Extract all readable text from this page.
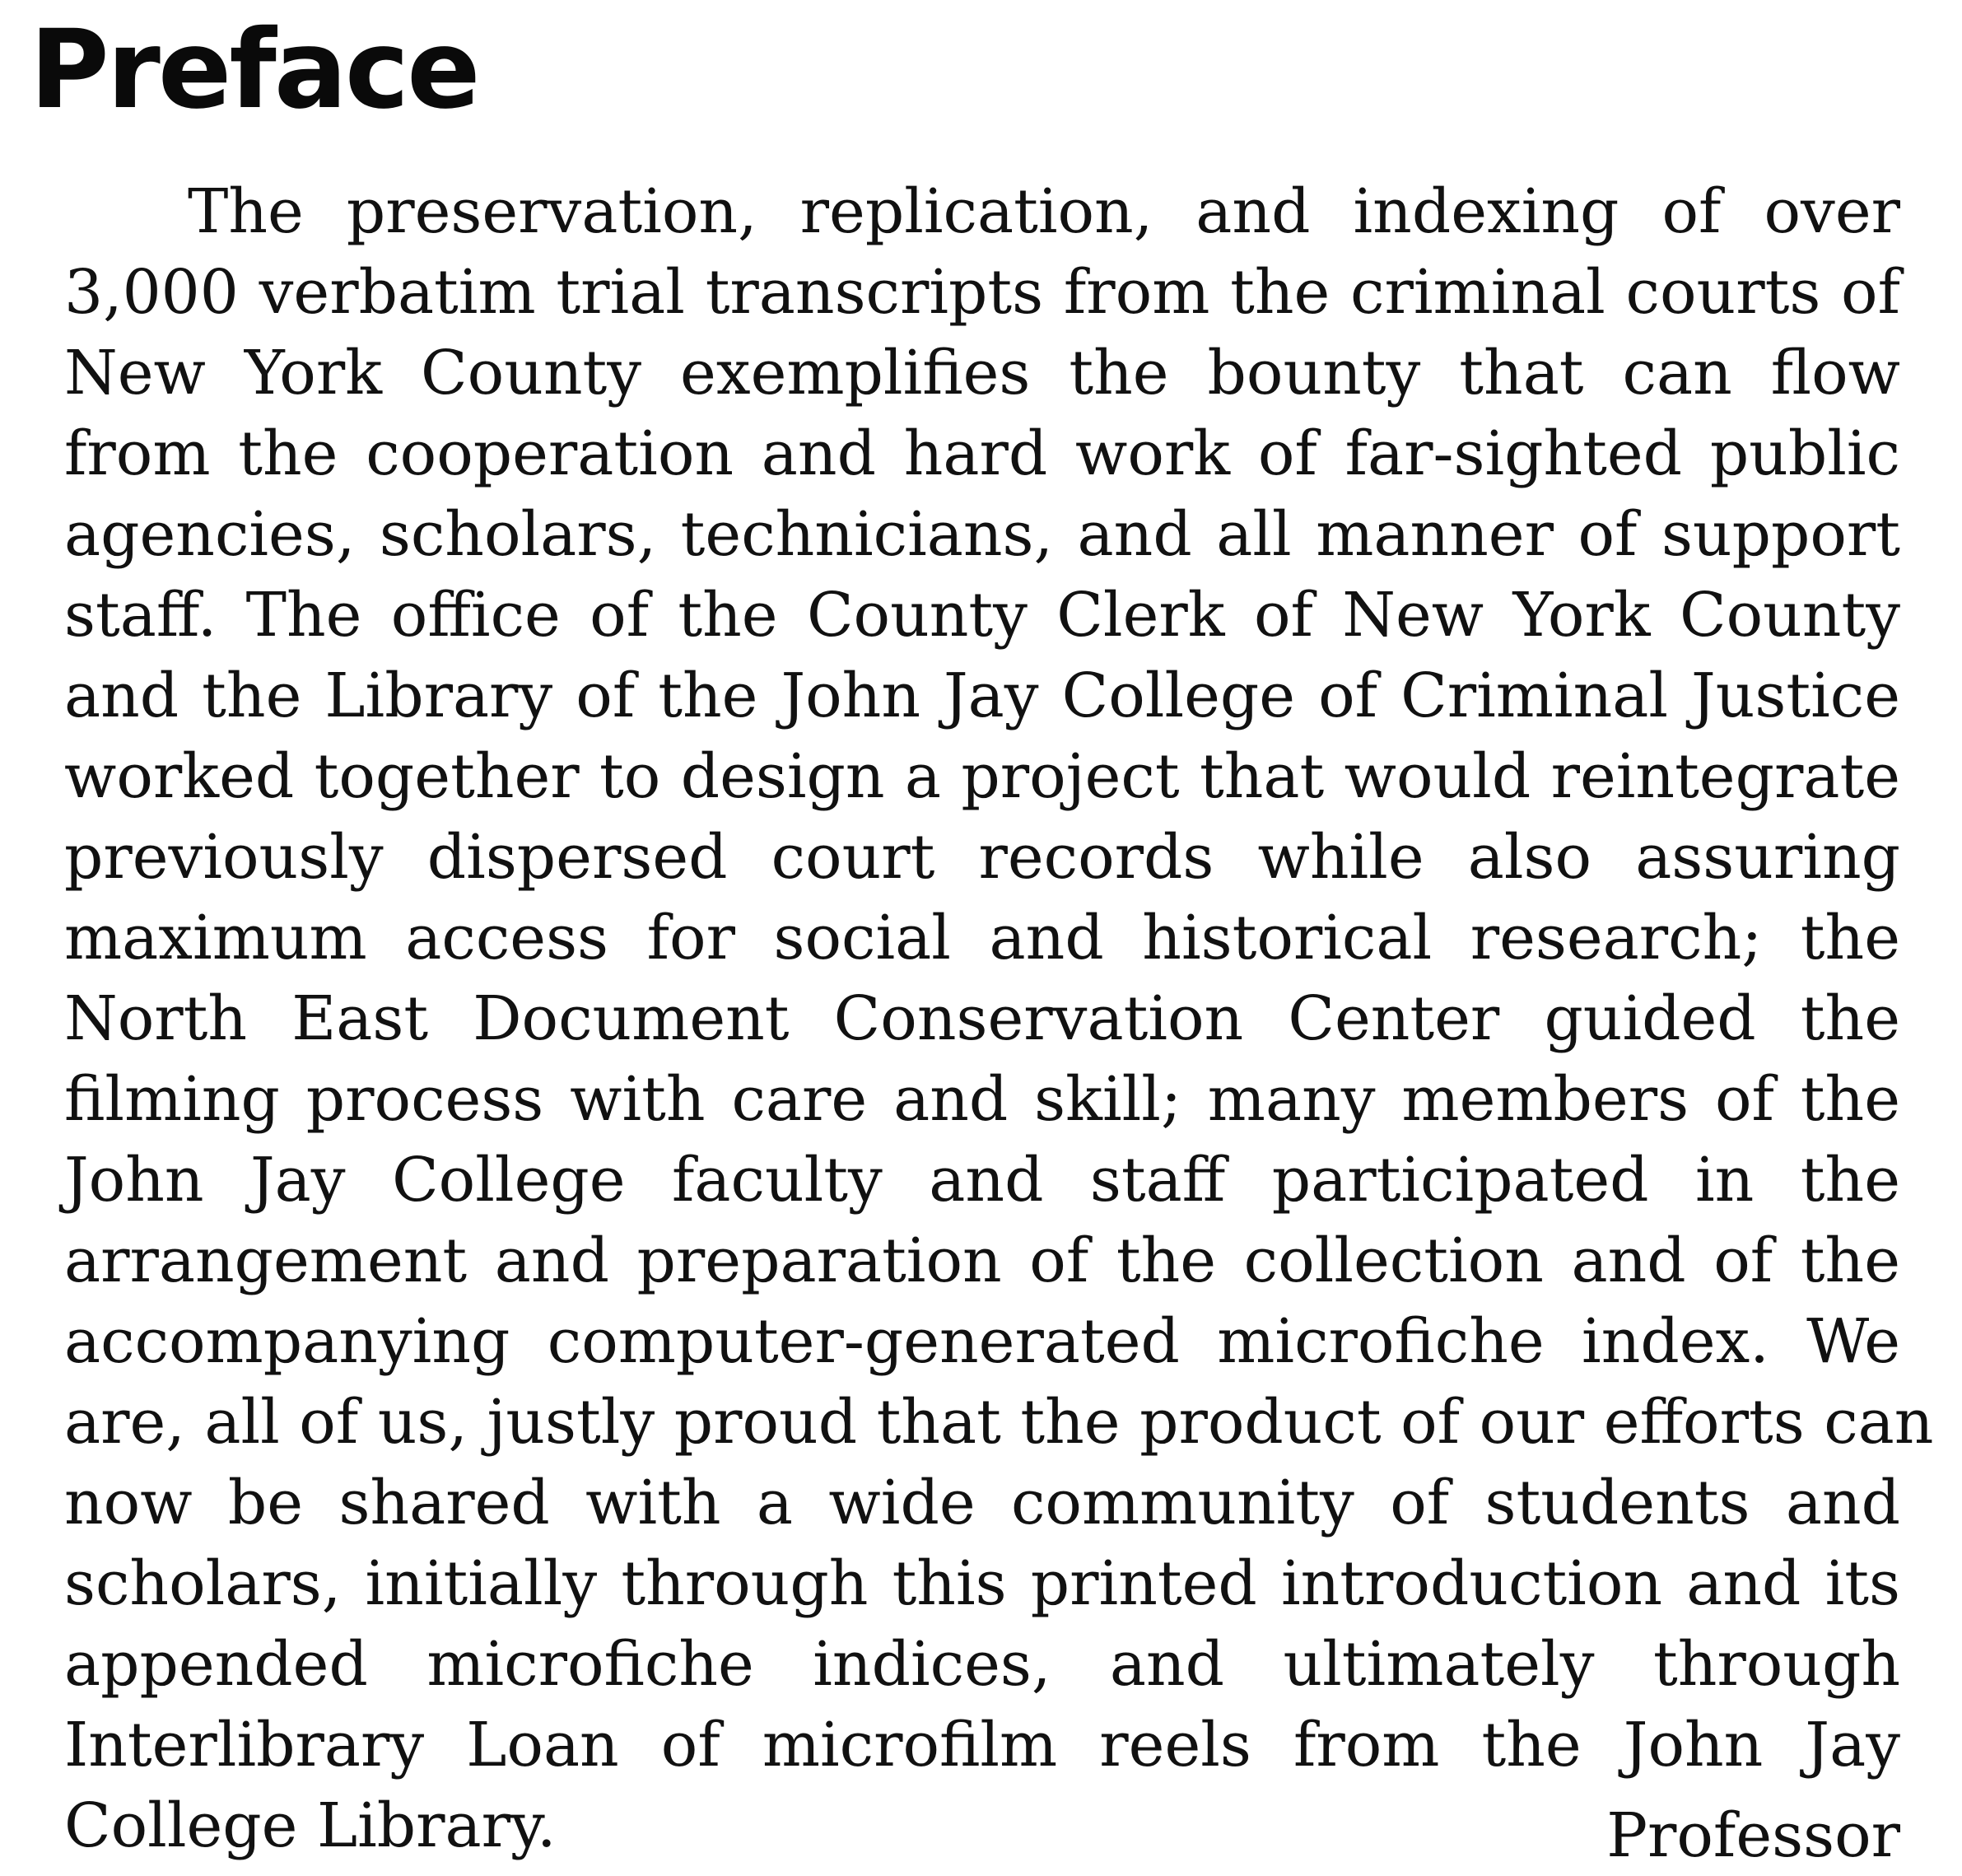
Preface
The preservation, replication, and indexing of over
3,000 verbatim trial transcripts from the criminal courts of
New York County exemplifies the bounty that can flow
from the cooperation and hard work of far-sighted public
agencies, scholars, technicians, and all manner of support
staff. The office of the County Clerk of New York County
and the Library of the John Jay College of Criminal Justice
worked together to design a project that would reintegrate
previously dispersed court records while also assuring
maximum access for social and historical research; the
North East Document Conservation Center guided the
filming process with care and skill; many members of the
John Jay College faculty and staff participated in the
arrangement and preparation of the collection and of the
accompanying computer-generated microfiche index. We
are, all of us, justly proud that the product of our efforts can
now be shared with a wide community of students and
scholars, initially through this printed introduction and its
appended microfiche indices, and ultimately through
Interlibrary Loan of microfilm reels from the John Jay
College Library.	Professor
